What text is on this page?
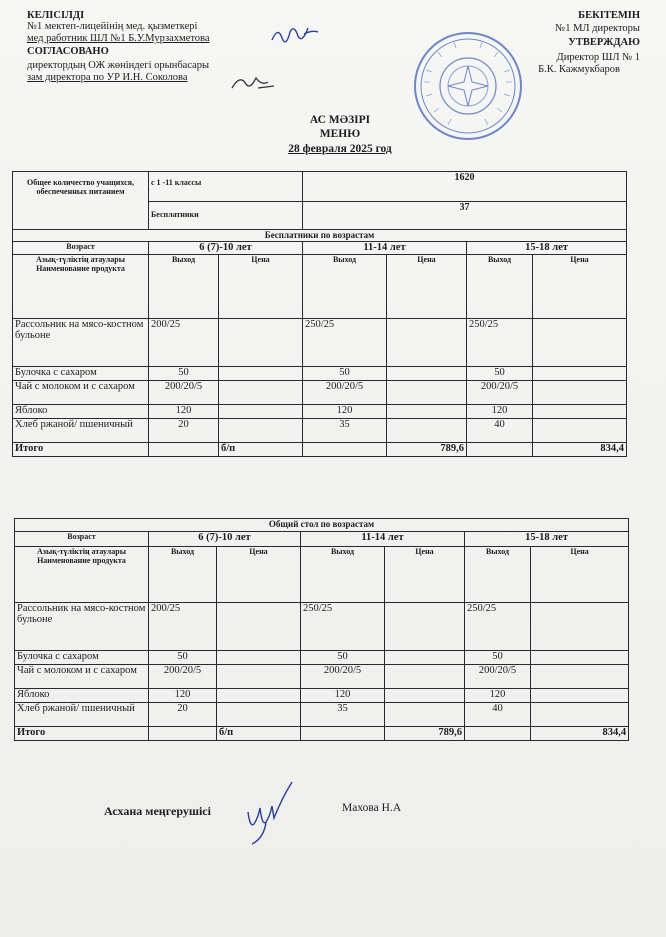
КЕЛІСІЛДІ
№1 мектеп-лицейінің мед. қызметкері
мед работник ШЛ №1 Б.У.Мурзахметова
СОГЛАСОВАНО
директордың ОЖ жөніндегі орынбасары
зам директора по УР И.Н. Соколова
БЕКІТЕМІН
№1 МЛ директоры
УТВЕРЖДАЮ
Директор ШЛ № 1
Б.К. Кажмукбаров
АС МӘЗІРІ
МЕНЮ
28 февраля 2025 год
Общее количество учащихся, обеспеченных питанием	с 1 -11 классы		1620			
	Бесплатники		37			
Бесплатники по возрастам						
Возраст	6 (7)-10 лет		11-14 лет		15-18 лет	
Азық-түліктің атаулары Наименование продукта	Выход	Цена	Выход	Цена	Выход	Цена
Рассольник на мясо-костном бульоне	200/25		250/25		250/25	
Булочка с сахаром	50		50		50	
Чай с молоком и с сахаром	200/20/5		200/20/5		200/20/5	
Яблоко	120		120		120	
Хлеб ржаной/ пшеничный	20		35		40	
Итого		б/п		789,6		834,4
Общий стол по возрастам						
Возраст	6 (7)-10 лет		11-14 лет		15-18 лет	
Азық-түліктің атаулары Наименование продукта	Выход	Цена	Выход	Цена	Выход	Цена
Рассольник на мясо-костном бульоне	200/25		250/25		250/25	
Булочка с сахаром	50		50		50	
Чай с молоком и с сахаром	200/20/5		200/20/5		200/20/5	
Яблоко	120		120		120	
Хлеб ржаной/ пшеничный	20		35		40	
Итого		б/п		789,6		834,4
Асхана меңгерушісі	Махова Н.А
